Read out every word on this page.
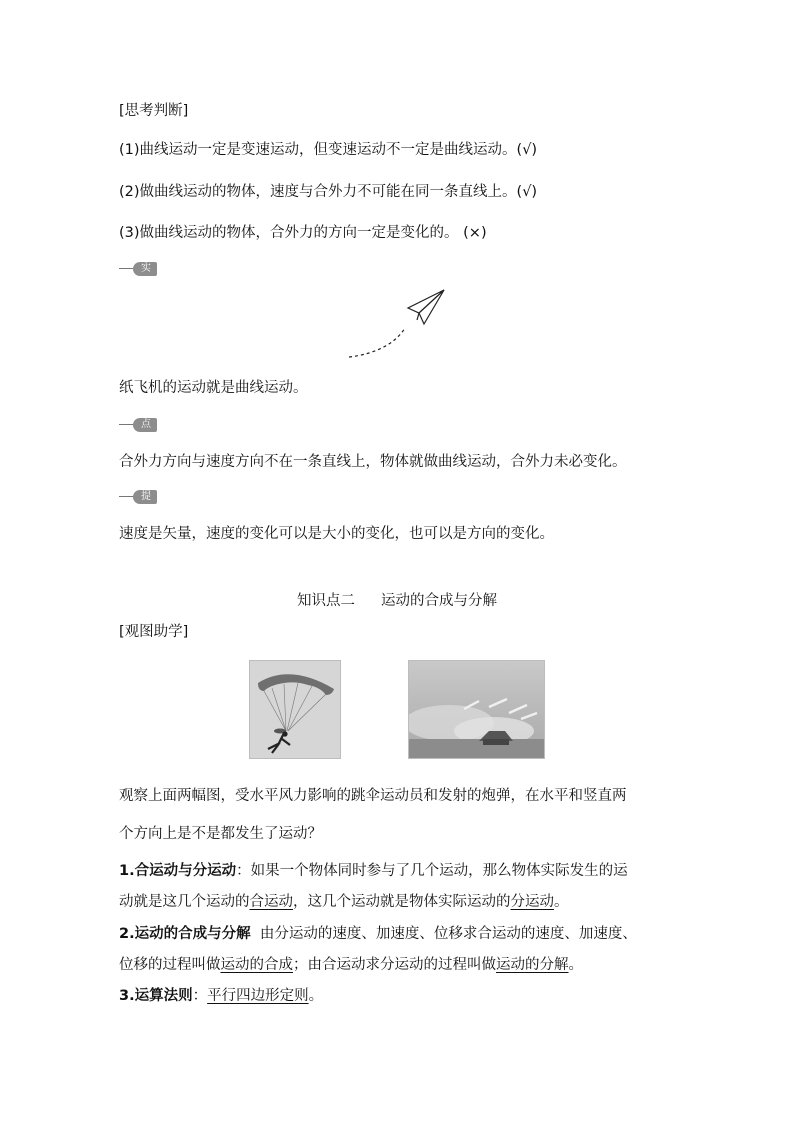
[思考判断]
(1)曲线运动一定是变速运动，但变速运动不一定是曲线运动。(√)
(2)做曲线运动的物体，速度与合外力不可能在同一条直线上。(√)
(3)做曲线运动的物体，合外力的方向一定是变化的。 (×)
实例
纸飞机的运动就是曲线运动。
点拨
合外力方向与速度方向不在一条直线上，物体就做曲线运动，合外力未必变化。
提醒
速度是矢量，速度的变化可以是大小的变化，也可以是方向的变化。
知识点二 运动的合成与分解
[观图助学]
观察上面两幅图，受水平风力影响的跳伞运动员和发射的炮弹，在水平和竖直两
个方向上是不是都发生了运动？
1.合运动与分运动：如果一个物体同时参与了几个运动，那么物体实际发生的运
动就是这几个运动的合运动，这几个运动就是物体实际运动的分运动。
2.运动的合成与分解  由分运动的速度、加速度、位移求合运动的速度、加速度、
位移的过程叫做运动的合成；由合运动求分运动的过程叫做运动的分解。
3.运算法则：平行四边形定则。
